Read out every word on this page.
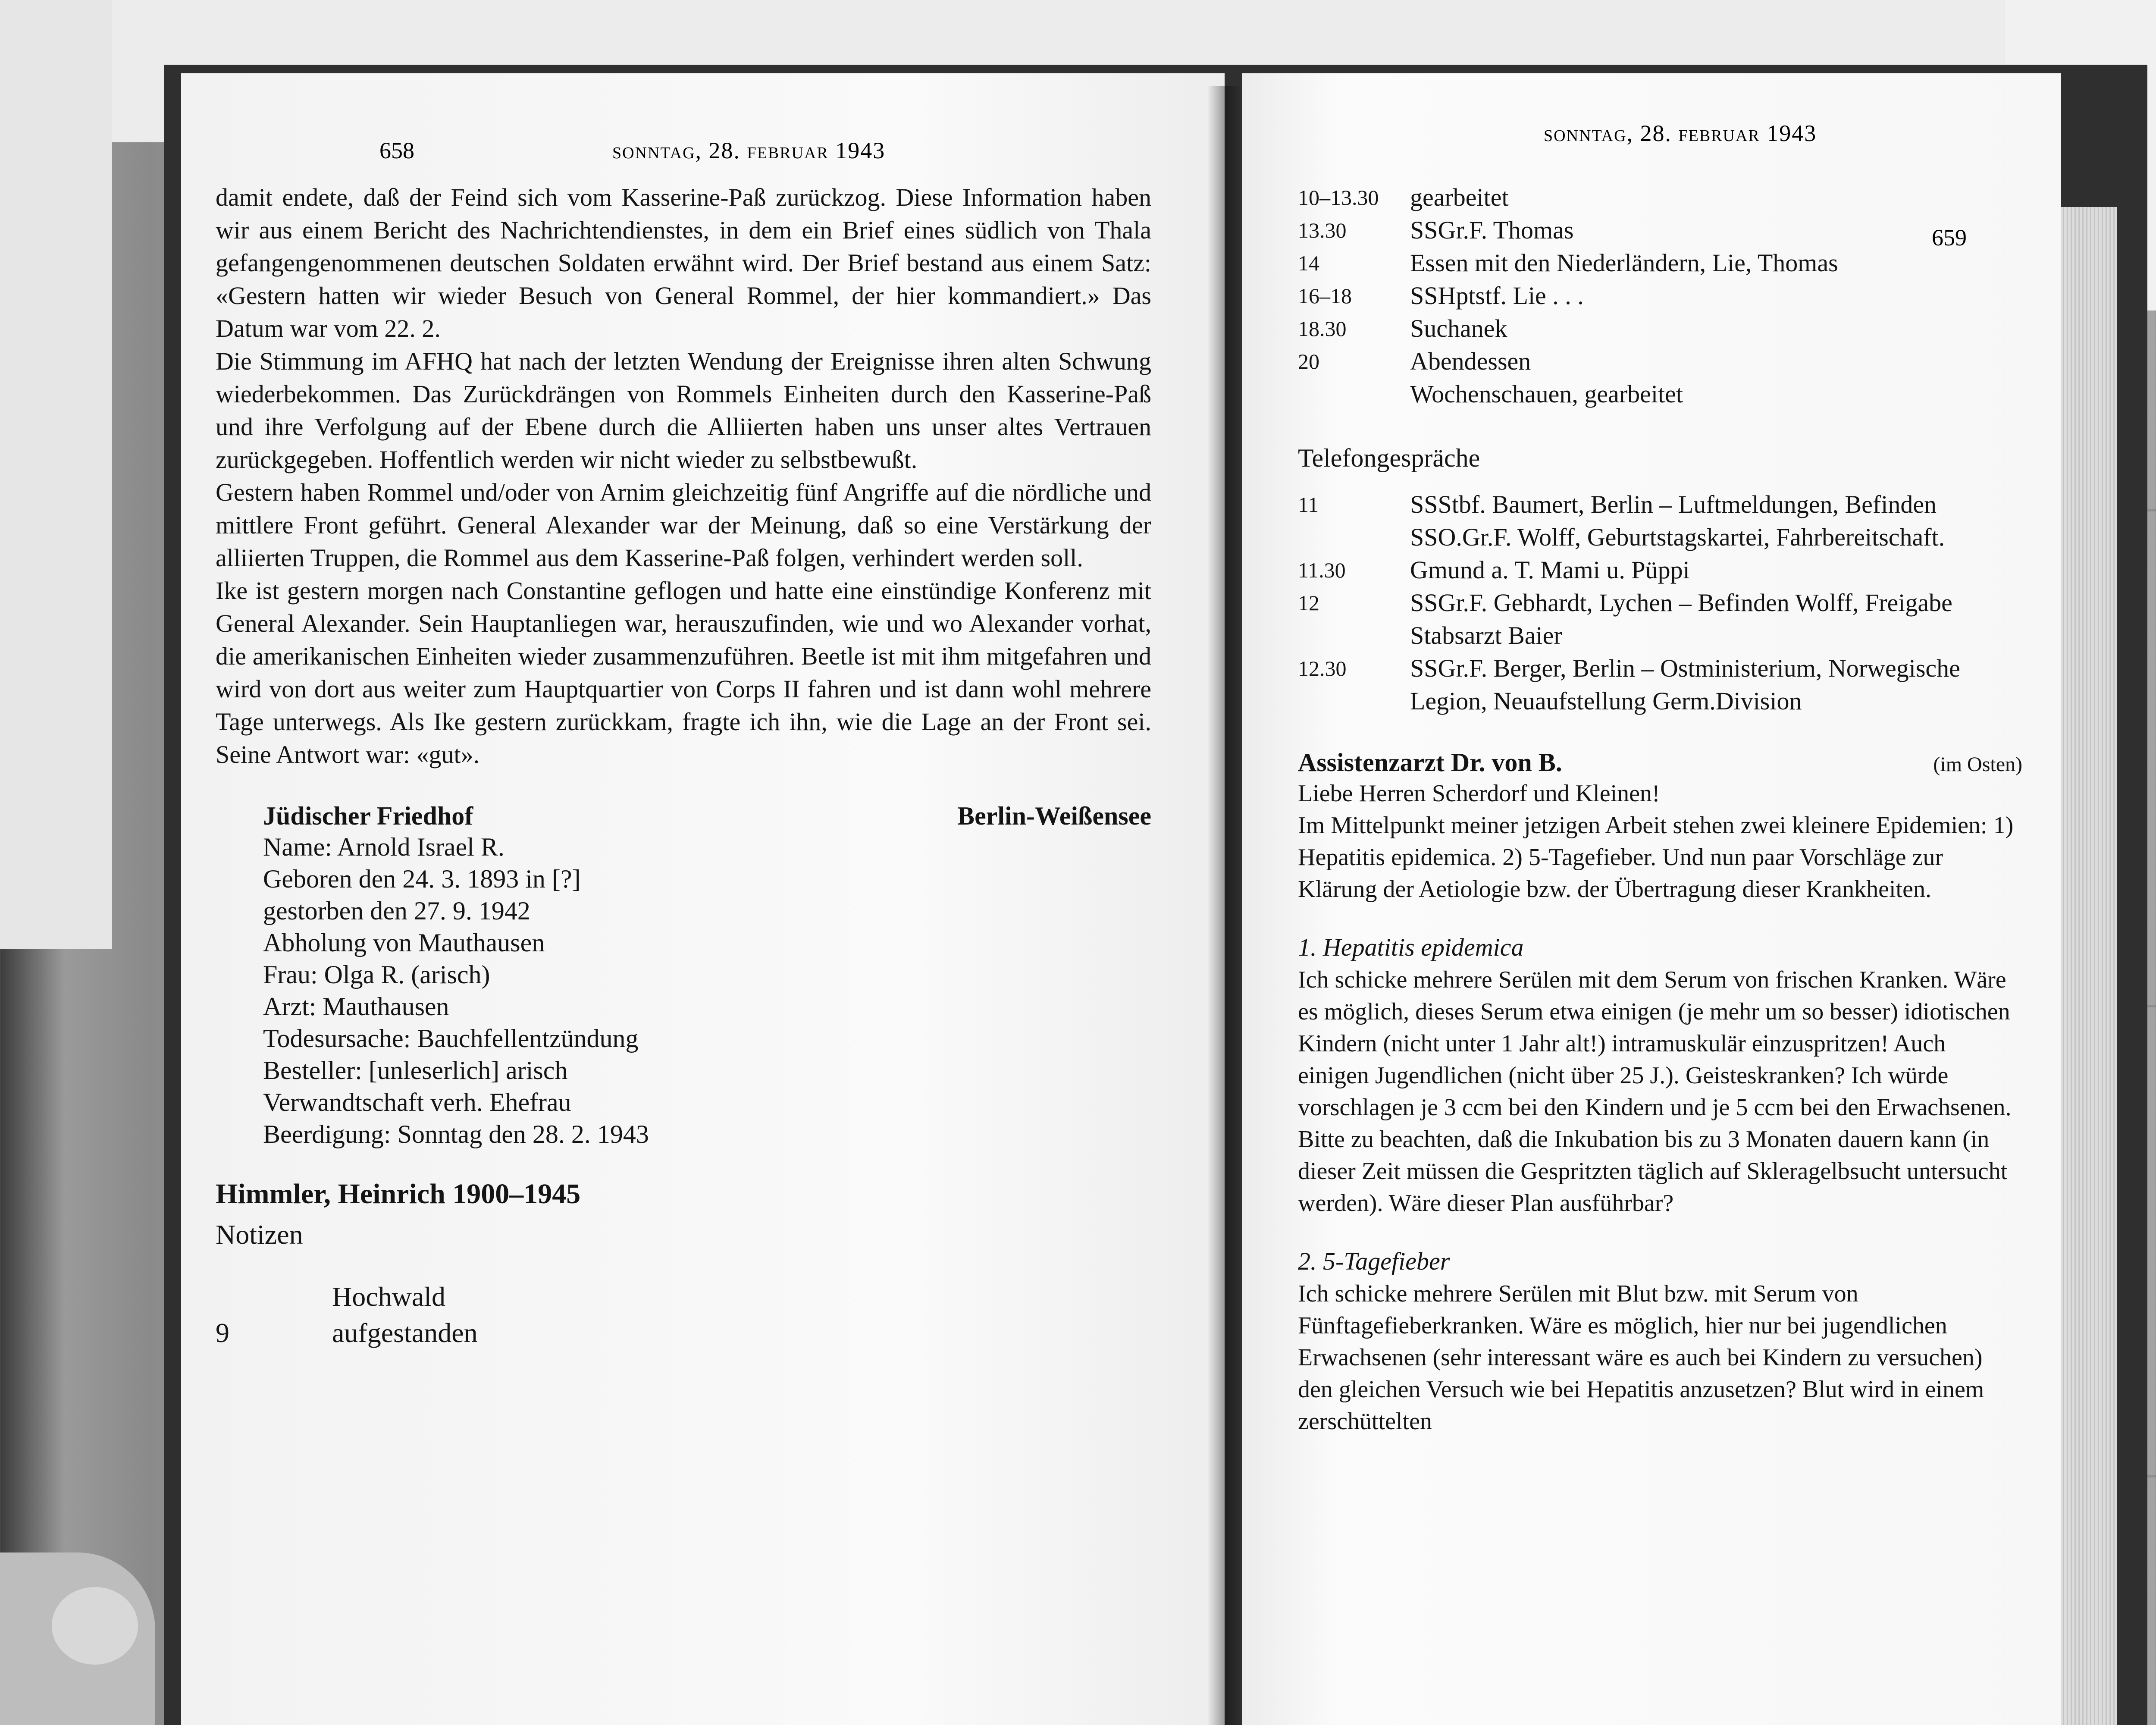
658	sonntag, 28. februar 1943

damit endete, daß der Feind sich vom Kasserine-Paß zurückzog. Diese Information haben wir aus einem Bericht des Nachrichtendienstes, in dem ein Brief eines südlich von Thala gefangengenommenen deutschen Soldaten erwähnt wird. Der Brief bestand aus einem Satz: «Gestern hatten wir wieder Besuch von General Rommel, der hier kommandiert.» Das Datum war vom 22. 2.

Die Stimmung im AFHQ hat nach der letzten Wendung der Ereignisse ihren alten Schwung wiederbekommen. Das Zurückdrängen von Rommels Einheiten durch den Kasserine-Paß und ihre Verfolgung auf der Ebene durch die Alliierten haben uns unser altes Vertrauen zurückgegeben. Hoffentlich werden wir nicht wieder zu selbstbewußt.

Gestern haben Rommel und/oder von Arnim gleichzeitig fünf Angriffe auf die nördliche und mittlere Front geführt. General Alexander war der Meinung, daß so eine Verstärkung der alliierten Truppen, die Rommel aus dem Kasserine-Paß folgen, verhindert werden soll.

Ike ist gestern morgen nach Constantine geflogen und hatte eine einstündige Konferenz mit General Alexander. Sein Hauptanliegen war, herauszufinden, wie und wo Alexander vorhat, die amerikanischen Einheiten wieder zusammenzuführen. Beetle ist mit ihm mitgefahren und wird von dort aus weiter zum Hauptquartier von Corps II fahren und ist dann wohl mehrere Tage unterwegs. Als Ike gestern zurückkam, fragte ich ihn, wie die Lage an der Front sei. Seine Antwort war: «gut».

Jüdischer Friedhof	Berlin-Weißensee
Name: Arnold Israel R.
Geboren den 24. 3. 1893 in [?]
gestorben den 27. 9. 1942
Abholung von Mauthausen
Frau: Olga R. (arisch)
Arzt: Mauthausen
Todesursache: Bauchfellentzündung
Besteller: [unleserlich] arisch
Verwandtschaft verh. Ehefrau
Beerdigung: Sonntag den 28. 2. 1943
Himmler, Heinrich 1900–1945
Notizen
Hochwald
9	aufgestanden
sonntag, 28. februar 1943
659
10–13.30	gearbeitet
13.30	SSGr.F. Thomas
14	Essen mit den Niederländern, Lie, Thomas
16–18	SSHptstf. Lie . . .
18.30	Suchanek
20	Abendessen
Wochenschauen, gearbeitet
Telefongespräche
11	SSStbf. Baumert, Berlin – Luftmeldungen, Befinden
SSO.Gr.F. Wolff, Geburtstagskartei, Fahrbereitschaft.
11.30	Gmund a. T. Mami u. Püppi
12	SSGr.F. Gebhardt, Lychen – Befinden Wolff, Freigabe Stabsarzt Baier
12.30	SSGr.F. Berger, Berlin – Ostministerium, Norwegische Legion, Neuaufstellung Germ.Division
Assistenzarzt Dr. von B.	(im Osten)

Liebe Herren Scherdorf und Kleinen!

Im Mittelpunkt meiner jetzigen Arbeit stehen zwei kleinere Epidemien: 1) Hepatitis epidemica. 2) 5-Tagefieber. Und nun paar Vorschläge zur Klärung der Aetiologie bzw. der Übertragung dieser Krankheiten.

1. Hepatitis epidemica

Ich schicke mehrere Serülen mit dem Serum von frischen Kranken. Wäre es möglich, dieses Serum etwa einigen (je mehr um so besser) idiotischen Kindern (nicht unter 1 Jahr alt!) intramuskulär einzuspritzen! Auch einigen Jugendlichen (nicht über 25 J.). Geisteskranken? Ich würde vorschlagen je 3 ccm bei den Kindern und je 5 ccm bei den Erwachsenen. Bitte zu beachten, daß die Inkubation bis zu 3 Monaten dauern kann (in dieser Zeit müssen die Gespritzten täglich auf Skleragelbsucht untersucht werden). Wäre dieser Plan ausführbar?

2. 5-Tagefieber

Ich schicke mehrere Serülen mit Blut bzw. mit Serum von Fünftagefieberkranken. Wäre es möglich, hier nur bei jugendlichen Erwachsenen (sehr interessant wäre es auch bei Kindern zu versuchen) den gleichen Versuch wie bei Hepatitis anzusetzen? Blut wird in einem zerschüttelten
